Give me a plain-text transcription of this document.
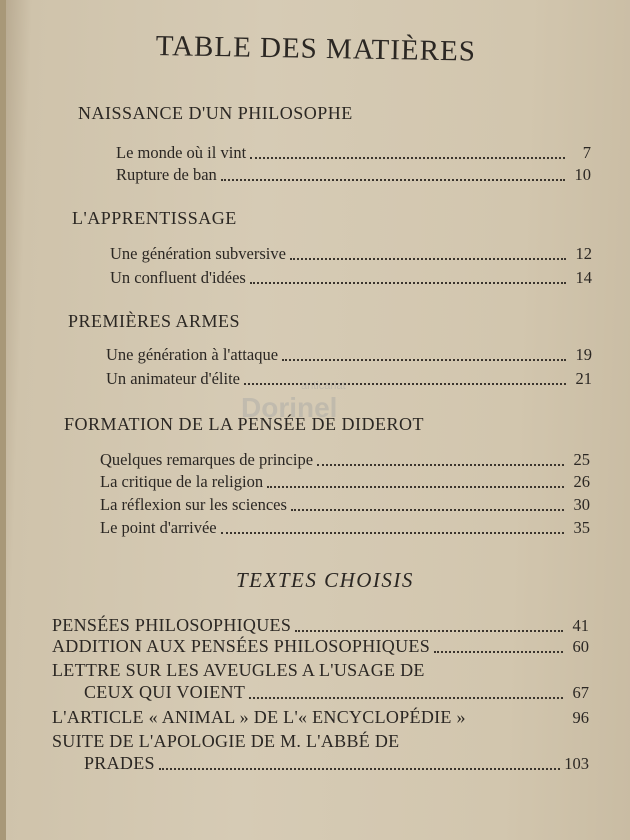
TABLE DES MATIÈRES
NAISSANCE D'UN PHILOSOPHE
Le monde où il vint	7
Rupture de ban	10
L'APPRENTISSAGE
Une génération subversive	12
Un confluent d'idées	14
PREMIÈRES ARMES
Une génération à l'attaque	19
Un animateur d'élite	21
FORMATION DE LA PENSÉE DE DIDEROT
Quelques remarques de principe	25
La critique de la religion	26
La réflexion sur les sciences	30
Le point d'arrivée	35
TEXTES CHOISIS
PENSÉES PHILOSOPHIQUES	41
ADDITION AUX PENSÉES PHILOSOPHIQUES	60
LETTRE SUR LES AVEUGLES A L'USAGE DE
CEUX QUI VOIENT	67
L'ARTICLE « ANIMAL » DE L'« ENCYCLOPÉDIE »	96
SUITE DE L'APOLOGIE DE M. L'ABBÉ DE
PRADES	103
anticariat
Dorinel
